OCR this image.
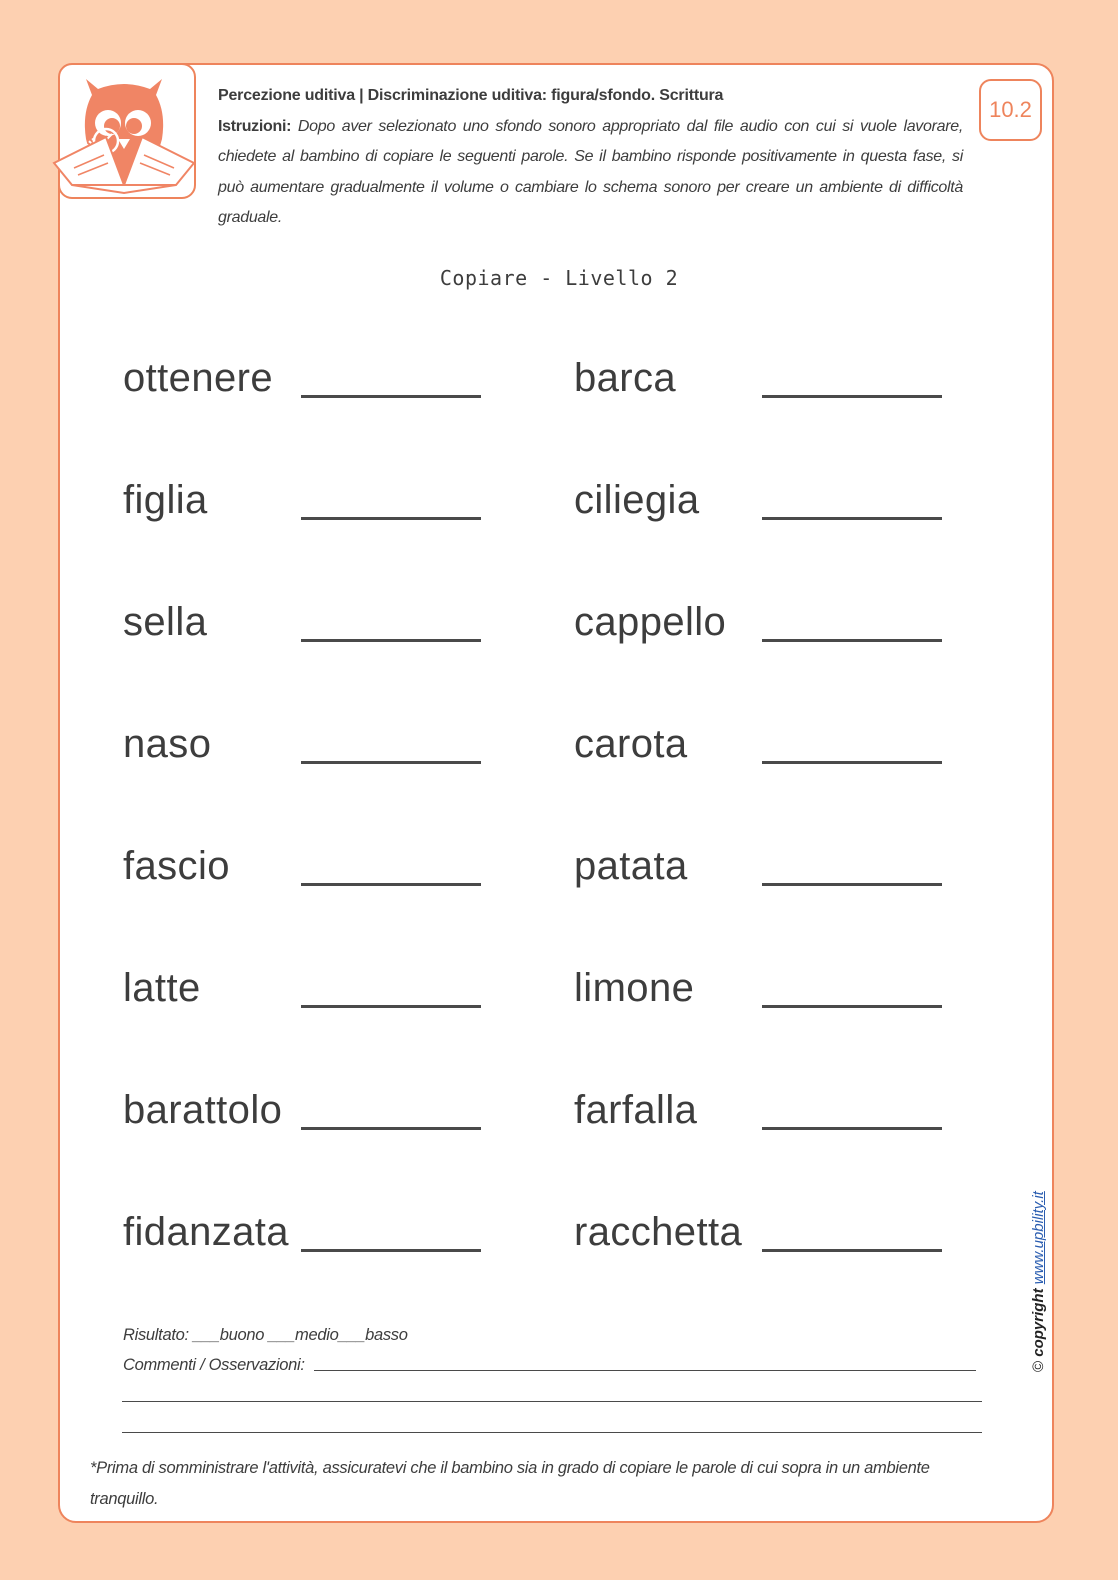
Percezione uditiva | Discriminazione uditiva: figura/sfondo. Scrittura
Istruzioni: Dopo aver selezionato uno sfondo sonoro appropriato dal file audio con cui si vuole lavorare, chiedete al bambino di copiare le seguenti parole. Se il bambino risponde positivamente in questa fase, si può aumentare gradualmente il volume o cambiare lo schema sonoro per creare un ambiente di difficoltà graduale.
10.2
Copiare - Livello 2
ottenere
figlia
sella
naso
fascio
latte
barattolo
fidanzata
barca
ciliegia
cappello
carota
patata
limone
farfalla
racchetta
Risultato: ___buono ___medio___basso
Commenti / Osservazioni:
*Prima di somministrare l'attività, assicuratevi che il bambino sia in grado di copiare le parole di cui sopra in un ambiente tranquillo.
© copyright www.upbility.it
